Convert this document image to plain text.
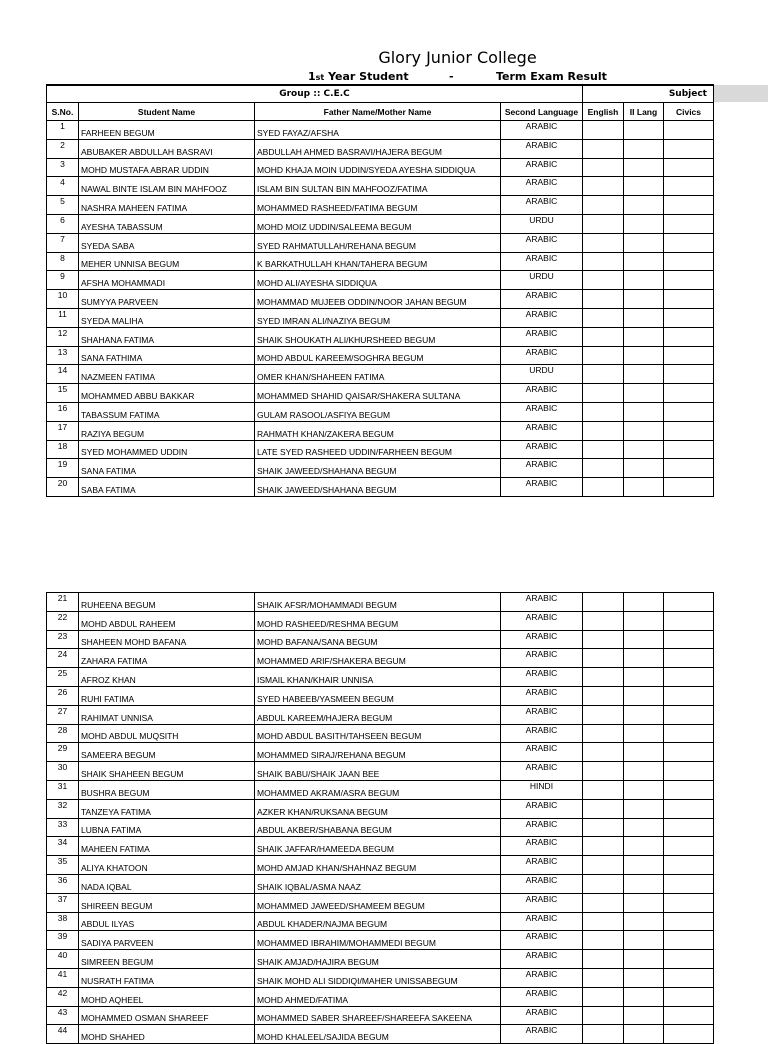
Glory Junior College
1st Year Student	-	Term Exam Result
Group :: C.E.C	Subject
S.No.	Student Name	Father Name/Mother Name	Second Language	English	II Lang	Civics
1	FARHEEN BEGUM	SYED FAYAZ/AFSHA	ARABIC			
2	ABUBAKER ABDULLAH BASRAVI	ABDULLAH AHMED BASRAVI/HAJERA BEGUM	ARABIC			
3	MOHD MUSTAFA ABRAR UDDIN	MOHD KHAJA MOIN UDDIN/SYEDA AYESHA SIDDIQUA	ARABIC			
4	NAWAL BINTE ISLAM BIN MAHFOOZ	ISLAM BIN SULTAN BIN MAHFOOZ/FATIMA	ARABIC			
5	NASHRA MAHEEN FATIMA	MOHAMMED RASHEED/FATIMA BEGUM	ARABIC			
6	AYESHA TABASSUM	MOHD MOIZ UDDIN/SALEEMA BEGUM	URDU			
7	SYEDA SABA	SYED RAHMATULLAH/REHANA BEGUM	ARABIC			
8	MEHER UNNISA BEGUM	K BARKATHULLAH KHAN/TAHERA BEGUM	ARABIC			
9	AFSHA MOHAMMADI	MOHD ALI/AYESHA SIDDIQUA	URDU			
10	SUMYYA PARVEEN	MOHAMMAD MUJEEB ODDIN/NOOR JAHAN BEGUM	ARABIC			
11	SYEDA MALIHA	SYED IMRAN ALI/NAZIYA BEGUM	ARABIC			
12	SHAHANA FATIMA	SHAIK SHOUKATH ALI/KHURSHEED BEGUM	ARABIC			
13	SANA FATHIMA	MOHD ABDUL KAREEM/SOGHRA BEGUM	ARABIC			
14	NAZMEEN FATIMA	OMER KHAN/SHAHEEN FATIMA	URDU			
15	MOHAMMED ABBU BAKKAR	MOHAMMED SHAHID QAISAR/SHAKERA SULTANA	ARABIC			
16	TABASSUM FATIMA	GULAM RASOOL/ASFIYA BEGUM	ARABIC			
17	RAZIYA BEGUM	RAHMATH KHAN/ZAKERA BEGUM	ARABIC			
18	SYED MOHAMMED UDDIN	LATE SYED RASHEED UDDIN/FARHEEN BEGUM	ARABIC			
19	SANA FATIMA	SHAIK JAWEED/SHAHANA BEGUM	ARABIC			
20	SABA FATIMA	SHAIK JAWEED/SHAHANA BEGUM	ARABIC			
21	RUHEENA BEGUM	SHAIK AFSR/MOHAMMADI BEGUM	ARABIC			
22	MOHD ABDUL RAHEEM	MOHD RASHEED/RESHMA BEGUM	ARABIC			
23	SHAHEEN MOHD BAFANA	MOHD BAFANA/SANA BEGUM	ARABIC			
24	ZAHARA FATIMA	MOHAMMED ARIF/SHAKERA BEGUM	ARABIC			
25	AFROZ KHAN	ISMAIL KHAN/KHAIR UNNISA	ARABIC			
26	RUHI FATIMA	SYED HABEEB/YASMEEN BEGUM	ARABIC			
27	RAHIMAT UNNISA	ABDUL KAREEM/HAJERA BEGUM	ARABIC			
28	MOHD ABDUL MUQSITH	MOHD ABDUL BASITH/TAHSEEN BEGUM	ARABIC			
29	SAMEERA BEGUM	MOHAMMED SIRAJ/REHANA BEGUM	ARABIC			
30	SHAIK SHAHEEN BEGUM	SHAIK BABU/SHAIK JAAN BEE	ARABIC			
31	BUSHRA BEGUM	MOHAMMED AKRAM/ASRA BEGUM	HINDI			
32	TANZEYA FATIMA	AZKER KHAN/RUKSANA BEGUM	ARABIC			
33	LUBNA FATIMA	ABDUL AKBER/SHABANA BEGUM	ARABIC			
34	MAHEEN FATIMA	SHAIK JAFFAR/HAMEEDA BEGUM	ARABIC			
35	ALIYA KHATOON	MOHD AMJAD KHAN/SHAHNAZ BEGUM	ARABIC			
36	NADA IQBAL	SHAIK IQBAL/ASMA NAAZ	ARABIC			
37	SHIREEN BEGUM	MOHAMMED JAWEED/SHAMEEM BEGUM	ARABIC			
38	ABDUL ILYAS	ABDUL KHADER/NAJMA BEGUM	ARABIC			
39	SADIYA PARVEEN	MOHAMMED IBRAHIM/MOHAMMEDI BEGUM	ARABIC			
40	SIMREEN BEGUM	SHAIK AMJAD/HAJIRA BEGUM	ARABIC			
41	NUSRATH FATIMA	SHAIK MOHD ALI SIDDIQI/MAHER UNISSABEGUM	ARABIC			
42	MOHD AQHEEL	MOHD AHMED/FATIMA	ARABIC			
43	MOHAMMED OSMAN SHAREEF	MOHAMMED SABER SHAREEF/SHAREEFA SAKEENA	ARABIC			
44	MOHD SHAHED	MOHD KHALEEL/SAJIDA BEGUM	ARABIC			
